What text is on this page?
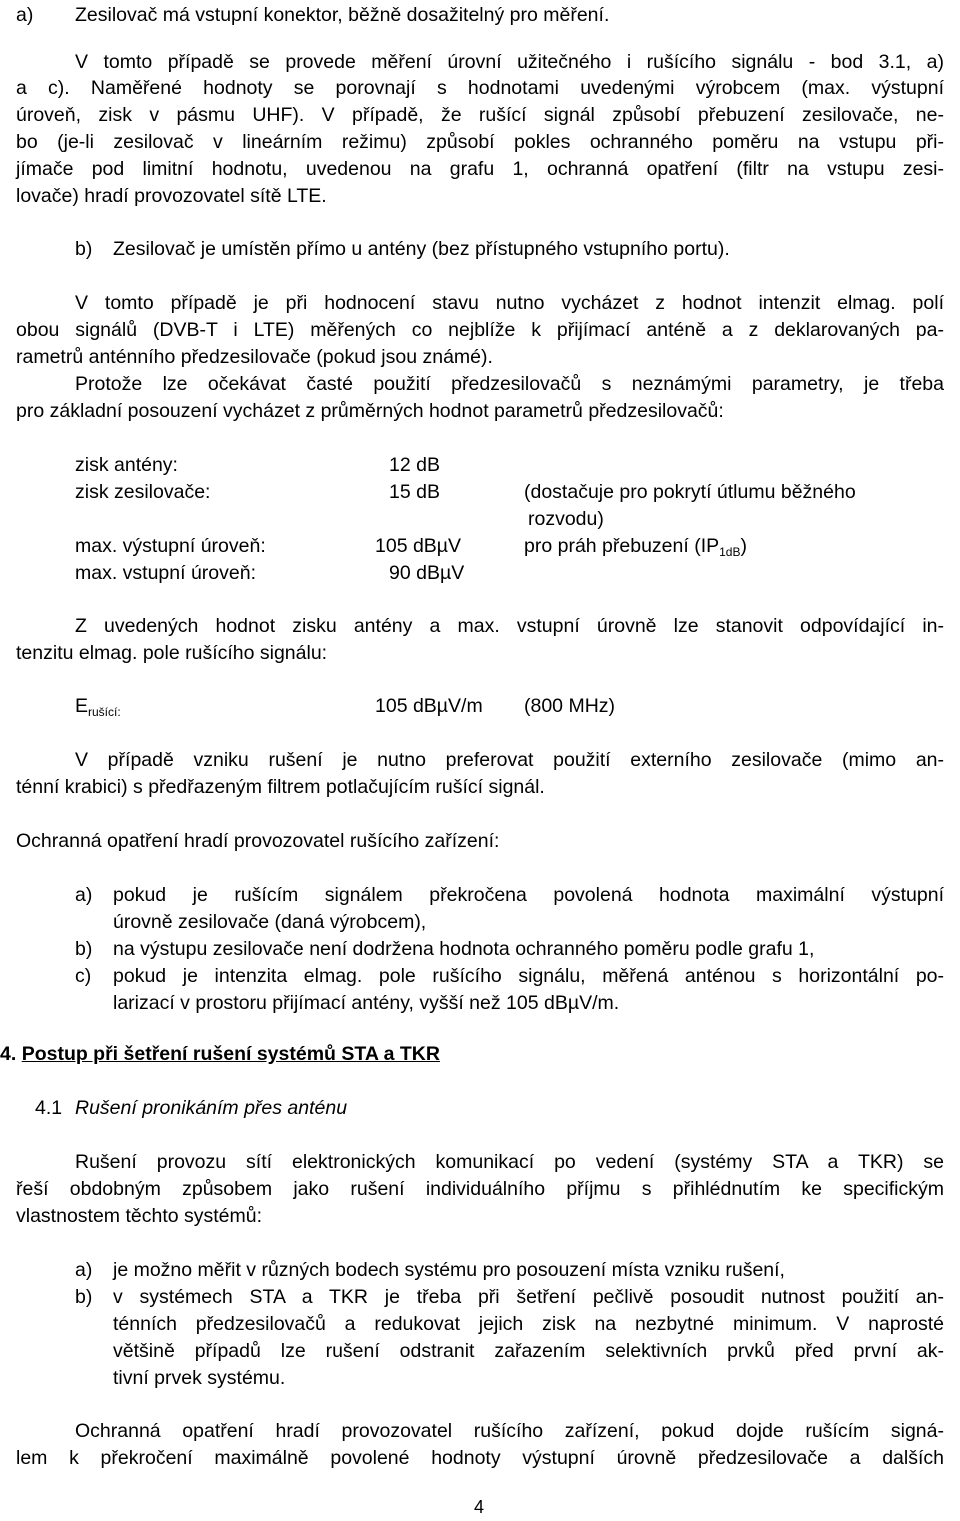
a) Zesilovač má vstupní konektor, běžně dosažitelný pro měření.
V tomto případě se provede měření úrovní užitečného i rušícího signálu - bod 3.1, a)
a c). Naměřené hodnoty se porovnají s hodnotami uvedenými výrobcem (max. výstupní
úroveň, zisk v pásmu UHF). V případě, že rušící signál způsobí přebuzení zesilovače, ne-
bo (je-li zesilovač v lineárním režimu) způsobí pokles ochranného poměru na vstupu při-
jímače pod limitní hodnotu, uvedenou na grafu 1, ochranná opatření (filtr na vstupu zesi-
lovače) hradí provozovatel sítě LTE.
b) Zesilovač je umístěn přímo u antény (bez přístupného vstupního portu).
V tomto případě je při hodnocení stavu nutno vycházet z hodnot intenzit elmag. polí
obou signálů (DVB-T i LTE) měřených co nejblíže k přijímací anténě a z deklarovaných pa-
rametrů anténního předzesilovače (pokud jsou známé).
Protože lze očekávat časté použití předzesilovačů s neznámými parametry, je třeba
pro základní posouzení vycházet z průměrných hodnot parametrů předzesilovačů:
zisk antény:	12 dB
zisk zesilovače:	15 dB	(dostačuje pro pokrytí útlumu běžného
rozvodu)
max. výstupní úroveň:	105 dBµV	pro práh přebuzení $(IP_{1dB})$
max. vstupní úroveň:	90 dBµV
Z uvedených hodnot zisku antény a max. vstupní úrovně lze stanovit odpovídající in-
tenzitu elmag. pole rušícího signálu:
$E_{rušící:}$	105 dBµV/m (800 MHz)
V případě vzniku rušení je nutno preferovat použití externího zesilovače (mimo an-
ténní krabici) s předřazeným filtrem potlačujícím rušící signál.
Ochranná opatření hradí provozovatel rušícího zařízení:
a) pokud je rušícím signálem překročena povolená hodnota maximální výstupní
úrovně zesilovače (daná výrobcem),
b) na výstupu zesilovače není dodržena hodnota ochranného poměru podle grafu 1,
c) pokud je intenzita elmag. pole rušícího signálu, měřená anténou s horizontální po-
larizací v prostoru přijímací antény, vyšší než 105 dBµV/m.
4. Postup při šetření rušení systémů STA a TKR
4.1 Rušení pronikáním přes anténu
Rušení provozu sítí elektronických komunikací po vedení (systémy STA a TKR) se
řeší obdobným způsobem jako rušení individuálního příjmu s přihlédnutím ke specifickým
vlastnostem těchto systémů:
a) je možno měřit v různých bodech systému pro posouzení místa vzniku rušení,
b) v systémech STA a TKR je třeba při šetření pečlivě posoudit nutnost použití an-
ténních předzesilovačů a redukovat jejich zisk na nezbytné minimum. V naprosté
většině případů lze rušení odstranit zařazením selektivních prvků před první ak-
tivní prvek systému.
Ochranná opatření hradí provozovatel rušícího zařízení, pokud dojde rušícím signá-
lem k překročení maximálně povolené hodnoty výstupní úrovně předzesilovače a dalších
4
